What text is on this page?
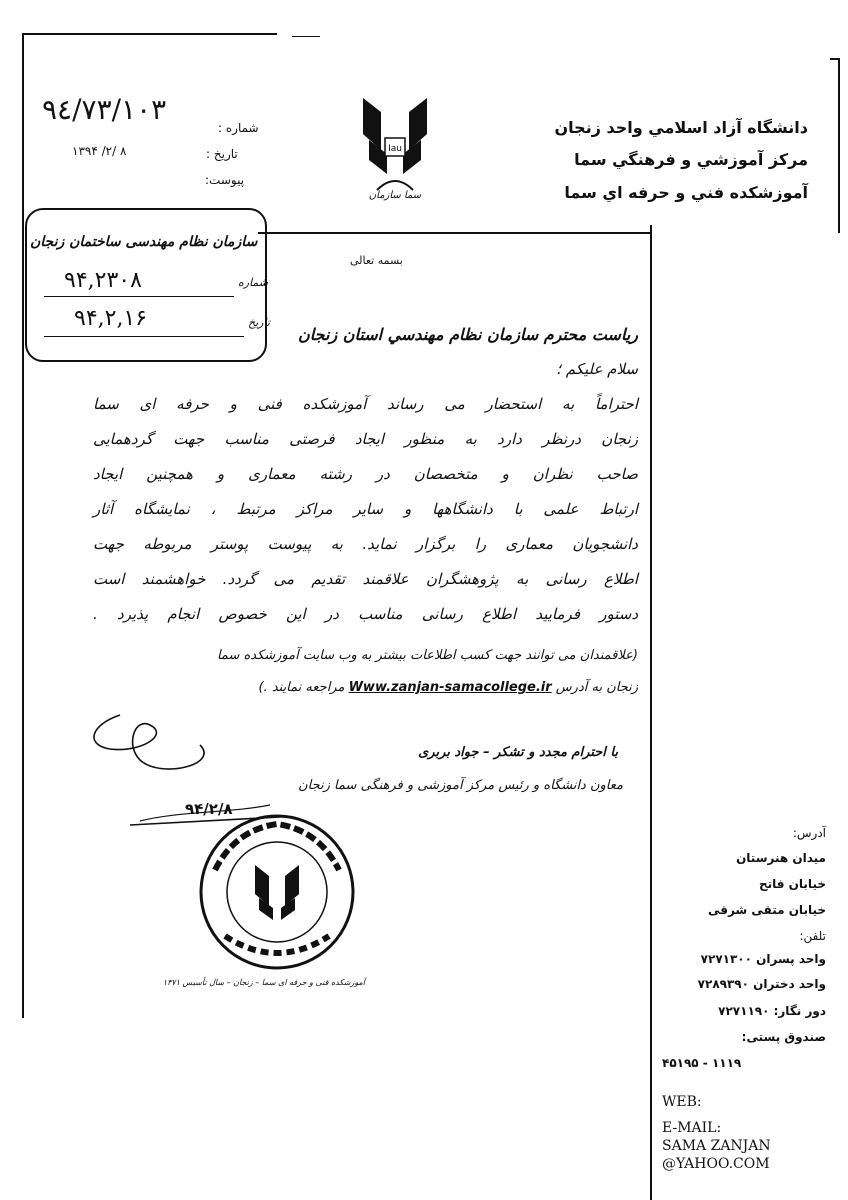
دانشگاه آزاد اسلامي واحد زنجان
مرکز آموزشي و فرهنگي سما
آموزشکده فني و حرفه اي سما
Iau
سما سازمان
۹٤/۷۳/۱۰۳
شماره :
۱۳۹۴ /۲/ ۸	تاريخ :
پيوست:
سازمان نظام مهندسی ساختمان زنجان
۹۴,۲۳۰۸	شماره
۹۴,۲,۱۶	تاریخ
بسمه تعالی
رياست محترم سازمان نظام مهندسي استان زنجان
سلام علیکم ؛
احتراماً به استحضار می رساند آموزشکده فنی و حرفه ای سما
زنجان درنظر دارد به منظور ایجاد فرصتی مناسب جهت گردهمایی
صاحب نظران و متخصصان در رشته معماری و همچنین ایجاد
ارتباط علمی با دانشگاهها و سایر مراکز مرتبط ، نمایشگاه آثار
دانشجویان معماری را برگزار نماید. به پیوست پوستر مربوطه جهت
اطلاع رسانی به پژوهشگران علاقمند تقدیم می گردد. خواهشمند است
دستور فرمایید اطلاع رسانی مناسب در این خصوص انجام پذیرد .
(علاقمندان می توانند جهت کسب اطلاعات بیشتر به وب سایت آموزشکده سما
زنجان به آدرس Www.zanjan-samacollege.ir مراجعه نمايند .)
۹۴/۲/۸
با احترام مجدد و تشکر – جواد بربری
معاون دانشگاه و رئیس مرکز آموزشی و فرهنگی سما زنجان
آموزشکده فنی و حرفه ای سما – زنجان – سال تأسیس ۱۳۷۱
آدرس:
ميدان هنرستان
خيابان فاتح
خيابان متقی شرقی
تلفن:
واحد پسران ۷۲۷۱۳۰۰
واحد دختران ۷۲۸۹۳۹۰
دور نگار: ۷۲۷۱۱۹۰
صندوق پستی:
۴۵۱۹۵ - ۱۱۱۹
WEB:
E-MAIL:
SAMA ZANJAN
@YAHOO.COM
